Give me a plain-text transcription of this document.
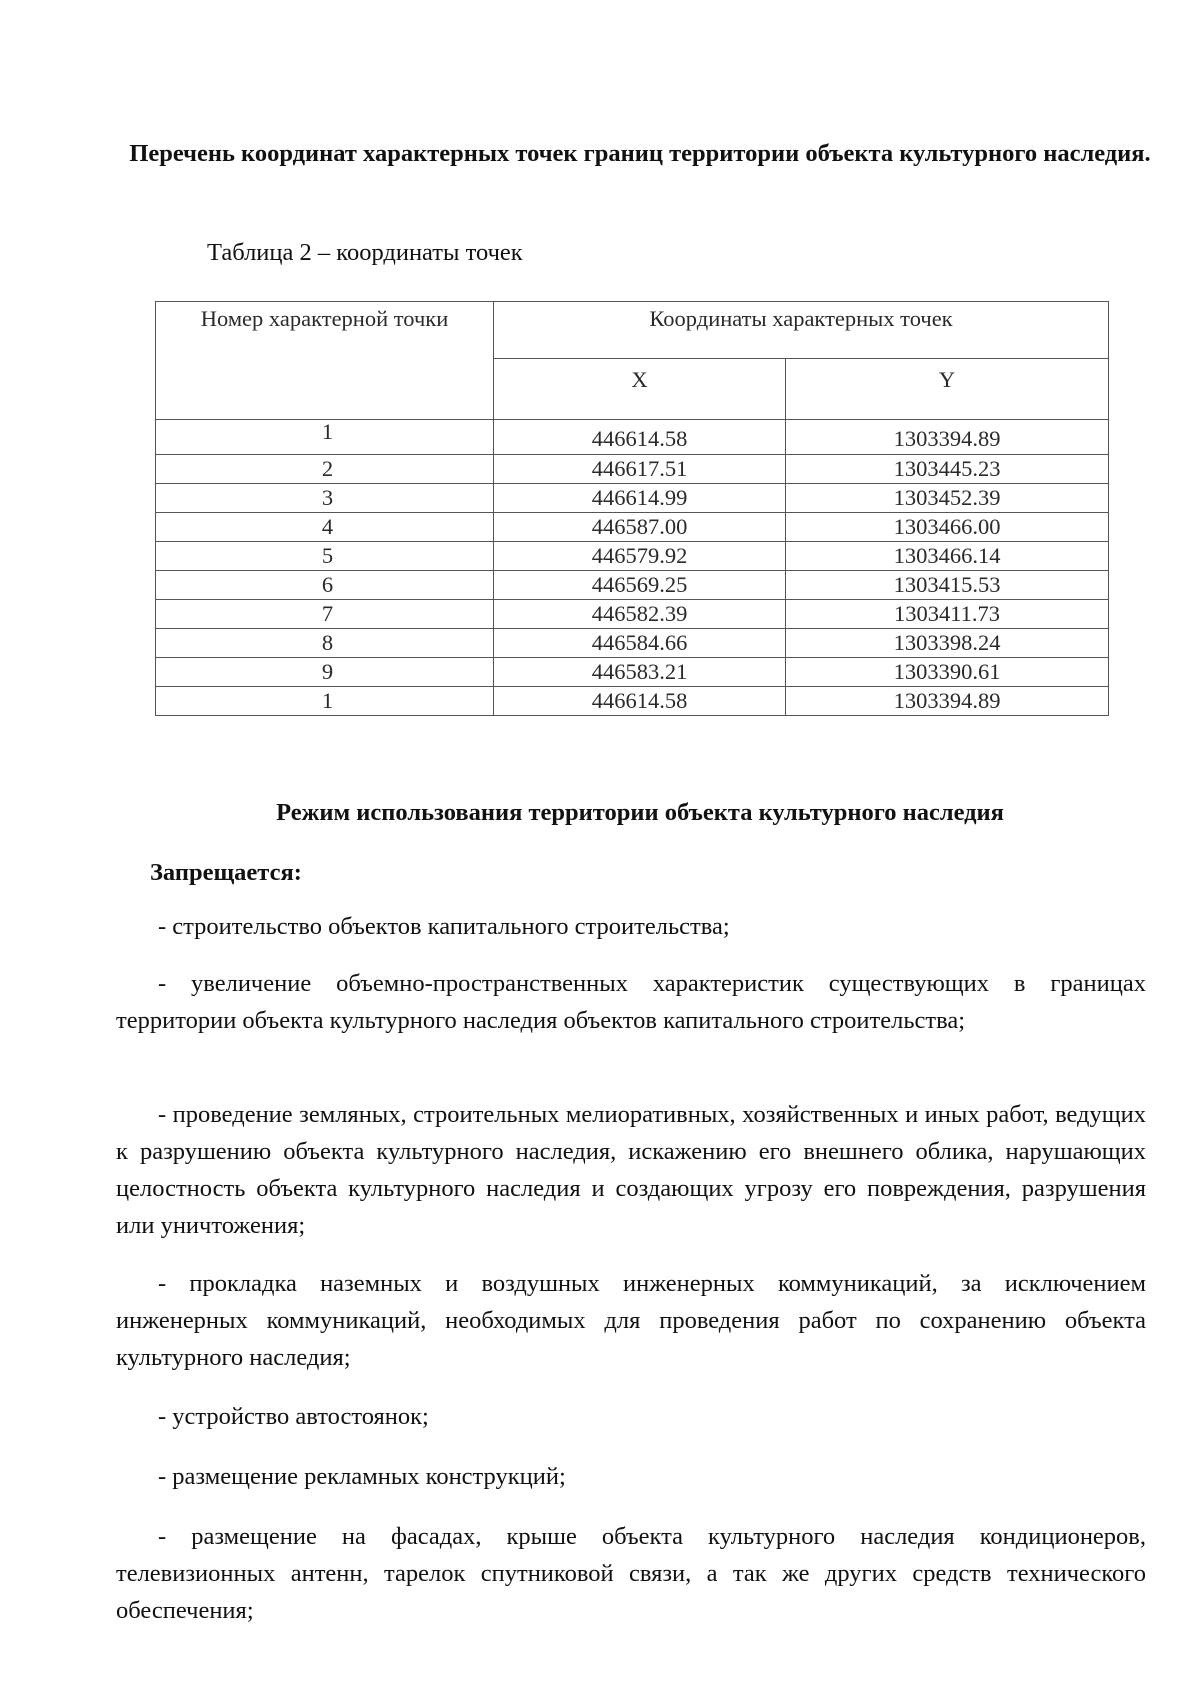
Перечень координат характерных точек границ территории объекта культурного наследия.

Таблица 2 – координаты точек

Номер характерной точки	Координаты характерных точек	
	X	Y
1	446614.58	1303394.89
2	446617.51	1303445.23
3	446614.99	1303452.39
4	446587.00	1303466.00
5	446579.92	1303466.14
6	446569.25	1303415.53
7	446582.39	1303411.73
8	446584.66	1303398.24
9	446583.21	1303390.61
1	446614.58	1303394.89
Режим использования территории объекта культурного наследия

Запрещается:

- строительство объектов капитального строительства;

- увеличение объемно-пространственных характеристик существующих в границах территории объекта культурного наследия объектов капитального строительства;

- проведение земляных, строительных мелиоративных, хозяйственных и иных работ, ведущих к разрушению объекта культурного наследия, искажению его внешнего облика, нарушающих целостность объекта культурного наследия и создающих угрозу его повреждения, разрушения или уничтожения;

- прокладка наземных и воздушных инженерных коммуникаций, за исключением инженерных коммуникаций, необходимых для проведения работ по сохранению объекта культурного наследия;

- устройство автостоянок;

- размещение рекламных конструкций;

- размещение на фасадах, крыше объекта культурного наследия кондиционеров, телевизионных антенн, тарелок спутниковой связи, а так же других средств технического обеспечения;
